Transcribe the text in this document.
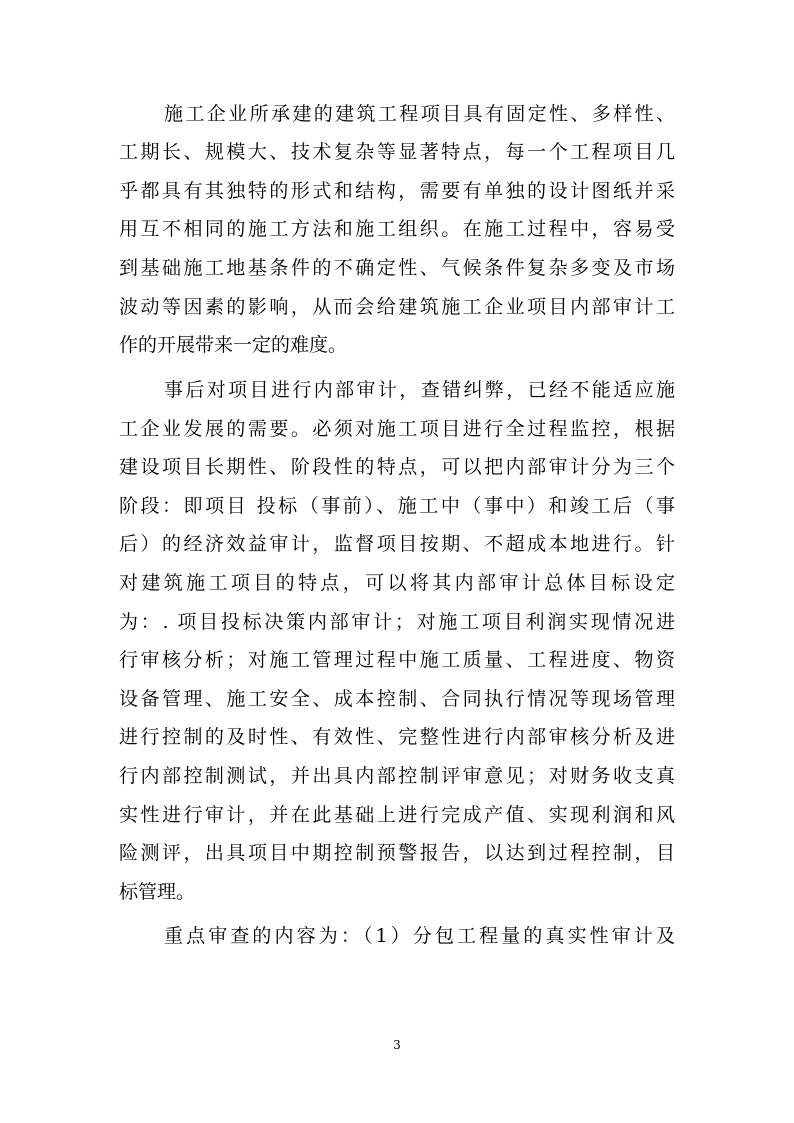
施工企业所承建的建筑工程项目具有固定性、多样性、
工期长、规模大、技术复杂等显著特点，每一个工程项目几
乎都具有其独特的形式和结构，需要有单独的设计图纸并采
用互不相同的施工方法和施工组织。在施工过程中，容易受
到基础施工地基条件的不确定性、气候条件复杂多变及市场
波动等因素的影响，从而会给建筑施工企业项目内部审计工
作的开展带来一定的难度。
事后对项目进行内部审计，查错纠弊，已经不能适应施
工企业发展的需要。必须对施工项目进行全过程监控，根据
建设项目长期性、阶段性的特点，可以把内部审计分为三个
阶段：即项目 投标（事前）、施工中（事中）和竣工后（事
后）的经济效益审计，监督项目按期、不超成本地进行。针
对建筑施工项目的特点，可以将其内部审计总体目标设定
为：. 项目投标决策内部审计；对施工项目利润实现情况进
行审核分析；对施工管理过程中施工质量、工程进度、物资
设备管理、施工安全、成本控制、合同执行情况等现场管理
进行控制的及时性、有效性、完整性进行内部审核分析及进
行内部控制测试，并出具内部控制评审意见；对财务收支真
实性进行审计，并在此基础上进行完成产值、实现利润和风
险测评，出具项目中期控制预警报告，以达到过程控制，目
标管理。
重点审查的内容为：（1）分包工程量的真实性审计及
3
